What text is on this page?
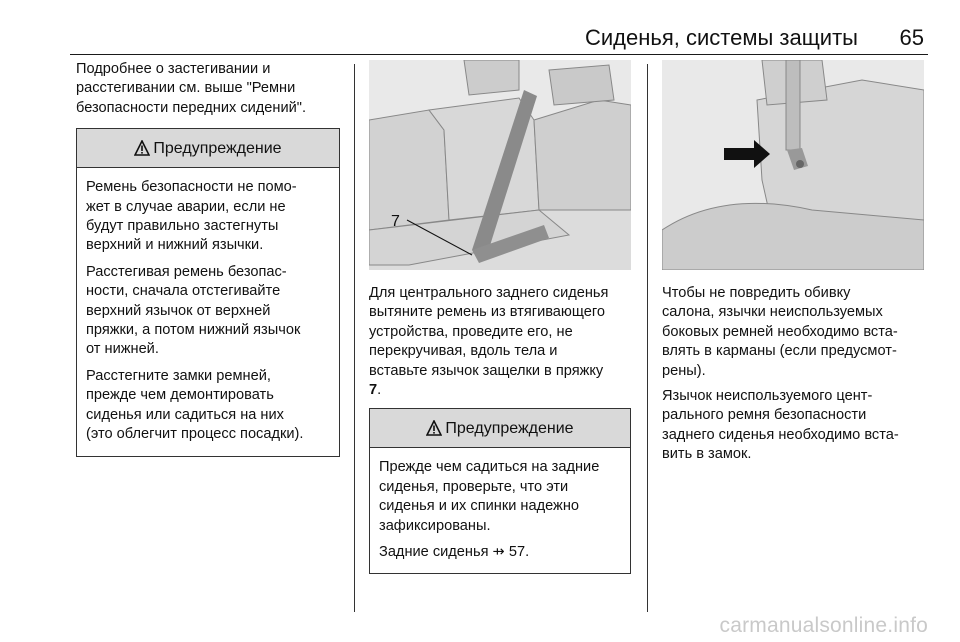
Сиденья, системы защиты 65

Подробнее о застегивании и
расстегивании см. выше "Ремни
безопасности передних сидений".

Предупреждение

Ремень безопасности не помо-
жет в случае аварии, если не
будут правильно застегнуты
верхний и нижний язычки.

Расстегивая ремень безопас-
ности, сначала отстегивайте
верхний язычок от верхней
пряжки, а потом нижний язычок
от нижней.

Расстегните замки ремней,
прежде чем демонтировать
сиденья или садиться на них
(это облегчит процесс посадки).

7

Для центрального заднего сиденья
вытяните ремень из втягивающего
устройства, проведите его, не
перекручивая, вдоль тела и
вставьте язычок защелки в пряжку
7.

Предупреждение

Прежде чем садиться на задние
сиденья, проверьте, что эти
сиденья и их спинки надежно
зафиксированы.

Задние сиденья ⇸ 57.

Чтобы не повредить обивку
салона, язычки неиспользуемых
боковых ремней необходимо вста-
влять в карманы (если предусмот-
рены).

Язычок неиспользуемого цент-
рального ремня безопасности
заднего сиденья необходимо вста-
вить в замок.

carmanualsonline.info
